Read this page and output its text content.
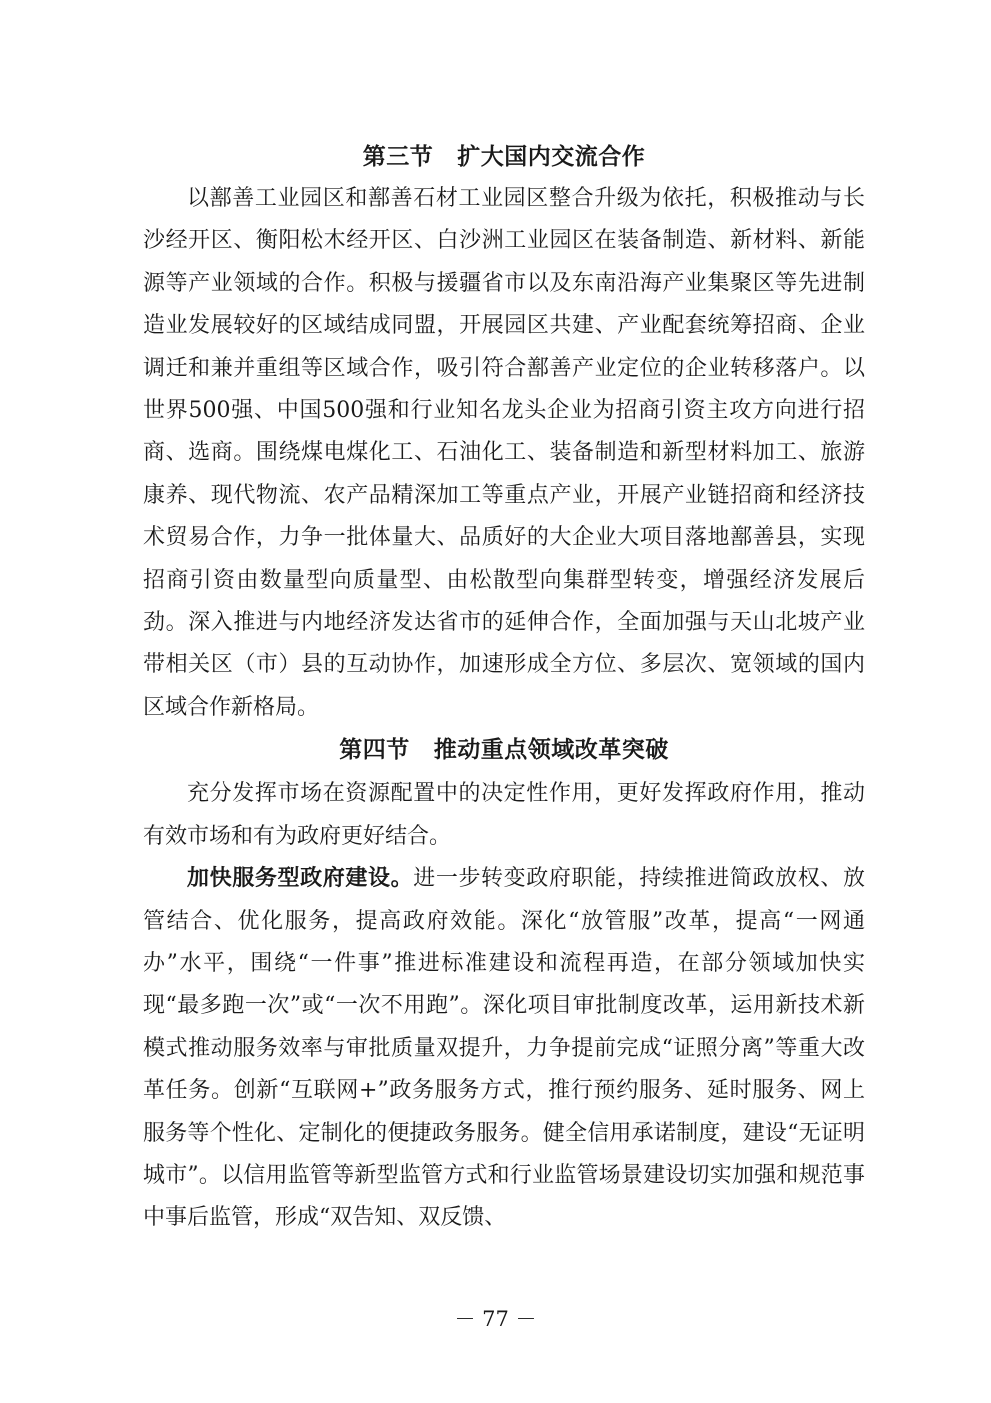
第三节 扩大国内交流合作

以鄯善工业园区和鄯善石材工业园区整合升级为依托，积极推动与长沙经开区、衡阳松木经开区、白沙洲工业园区在装备制造、新材料、新能源等产业领域的合作。积极与援疆省市以及东南沿海产业集聚区等先进制造业发展较好的区域结成同盟，开展园区共建、产业配套统筹招商、企业调迁和兼并重组等区域合作，吸引符合鄯善产业定位的企业转移落户。以世界500强、中国500强和行业知名龙头企业为招商引资主攻方向进行招商、选商。围绕煤电煤化工、石油化工、装备制造和新型材料加工、旅游康养、现代物流、农产品精深加工等重点产业，开展产业链招商和经济技术贸易合作，力争一批体量大、品质好的大企业大项目落地鄯善县，实现招商引资由数量型向质量型、由松散型向集群型转变，增强经济发展后劲。深入推进与内地经济发达省市的延伸合作，全面加强与天山北坡产业带相关区（市）县的互动协作，加速形成全方位、多层次、宽领域的国内区域合作新格局。

第四节 推动重点领域改革突破

充分发挥市场在资源配置中的决定性作用，更好发挥政府作用，推动有效市场和有为政府更好结合。

加快服务型政府建设。进一步转变政府职能，持续推进简政放权、放管结合、优化服务，提高政府效能。深化“放管服”改革，提高“一网通办”水平，围绕“一件事”推进标准建设和流程再造，在部分领域加快实现“最多跑一次”或“一次不用跑”。深化项目审批制度改革，运用新技术新模式推动服务效率与审批质量双提升，力争提前完成“证照分离”等重大改革任务。创新“互联网+”政务服务方式，推行预约服务、延时服务、网上服务等个性化、定制化的便捷政务服务。健全信用承诺制度，建设“无证明城市”。以信用监管等新型监管方式和行业监管场景建设切实加强和规范事中事后监管，形成“双告知、双反馈、

－ 77 －
